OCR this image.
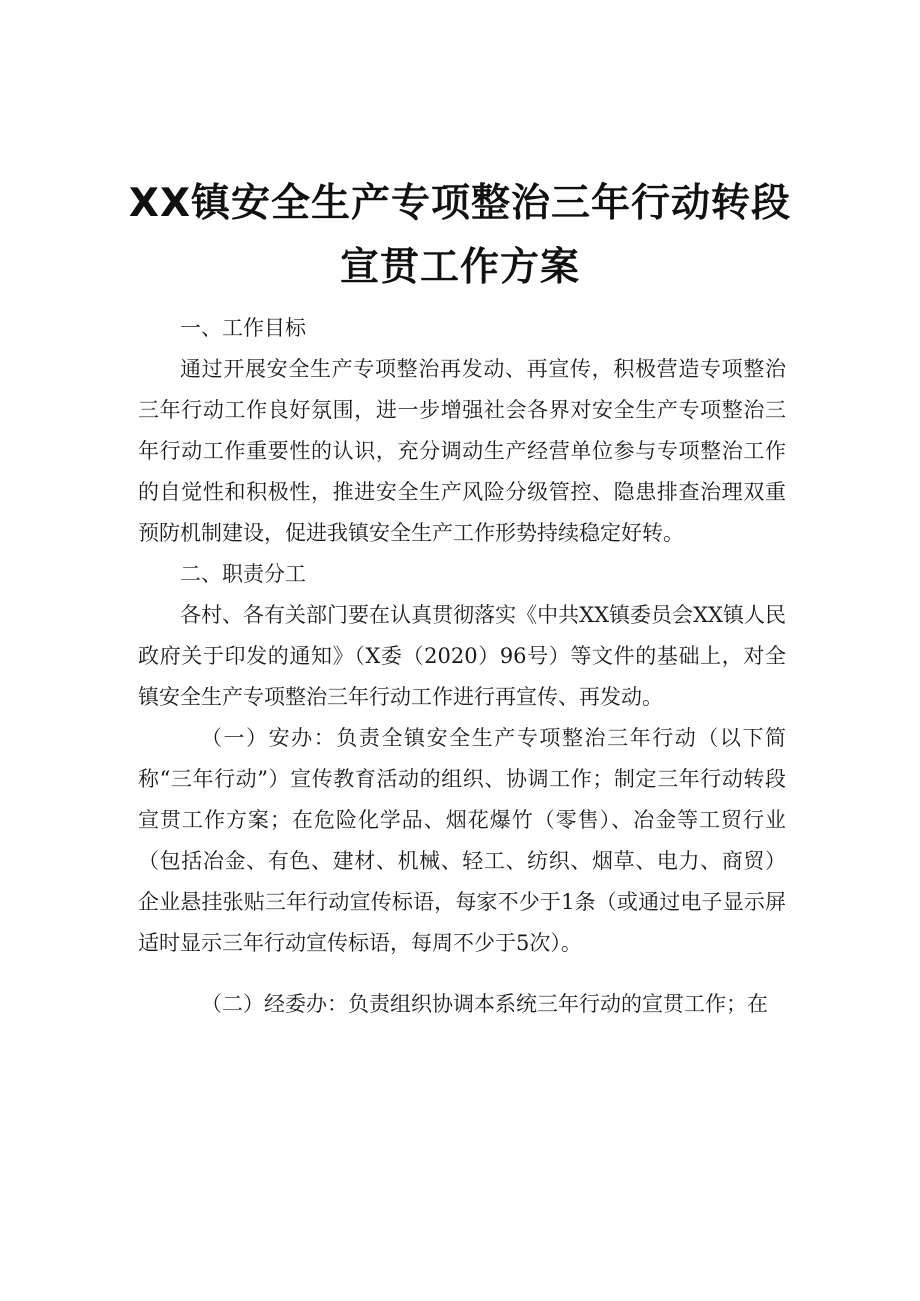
XX镇安全生产专项整治三年行动转段宣贯工作方案

一、工作目标

通过开展安全生产专项整治再发动、再宣传，积极营造专项整治三年行动工作良好氛围，进一步增强社会各界对安全生产专项整治三年行动工作重要性的认识，充分调动生产经营单位参与专项整治工作的自觉性和积极性，推进安全生产风险分级管控、隐患排查治理双重预防机制建设，促进我镇安全生产工作形势持续稳定好转。

二、职责分工

各村、各有关部门要在认真贯彻落实《中共XX镇委员会XX镇人民政府关于印发的通知》（X委（2020）96号）等文件的基础上，对全镇安全生产专项整治三年行动工作进行再宣传、再发动。

（一）安办：负责全镇安全生产专项整治三年行动（以下简称“三年行动”）宣传教育活动的组织、协调工作；制定三年行动转段宣贯工作方案；在危险化学品、烟花爆竹（零售）、冶金等工贸行业（包括冶金、有色、建材、机械、轻工、纺织、烟草、电力、商贸）企业悬挂张贴三年行动宣传标语，每家不少于1条（或通过电子显示屏适时显示三年行动宣传标语，每周不少于5次）。

（二）经委办：负责组织协调本系统三年行动的宣贯工作；在
